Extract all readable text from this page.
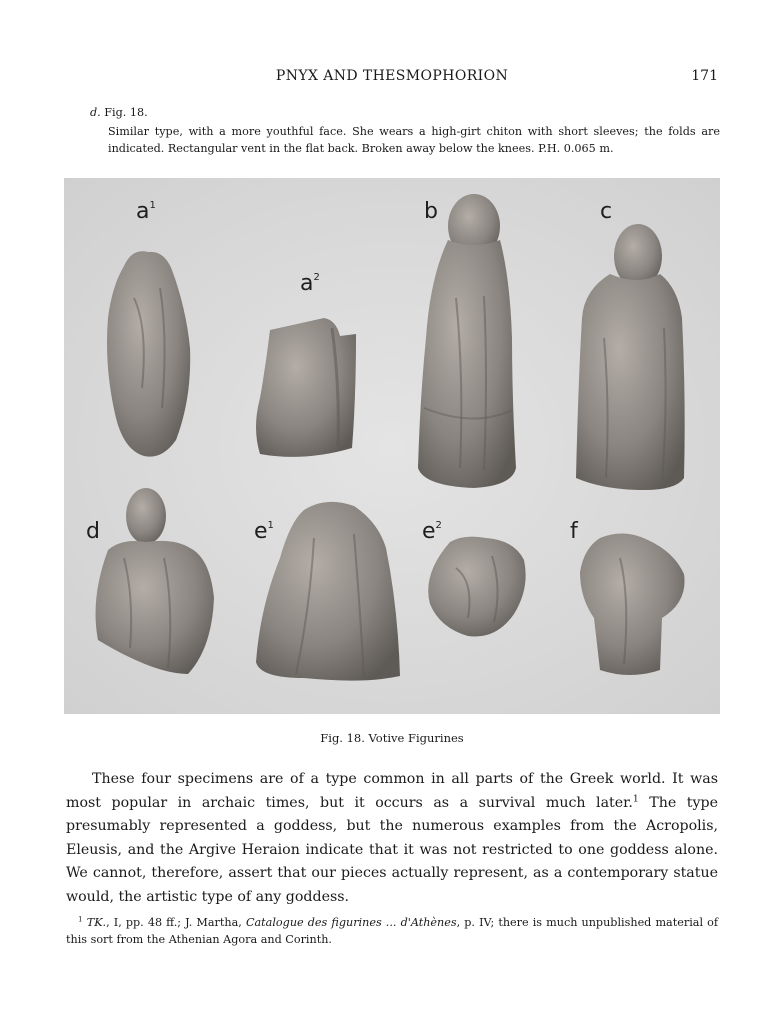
PNYX AND THESMOPHORION	171
d. Fig. 18.
Similar type, with a more youthful face. She wears a high-girt chiton with short sleeves; the folds are indicated. Rectangular vent in the flat back. Broken away below the knees. P.H. 0.065 m.
$a^1$
$a^2$
b	c
d	$e^1$	$e^2$	f
Fig. 18. Votive Figurines

These four specimens are of a type common in all parts of the Greek world. It was most popular in archaic times, but it occurs as a survival much later.$^1$ The type presumably represented a goddess, but the numerous examples from the Acropolis, Eleusis, and the Argive Heraion indicate that it was not restricted to one goddess alone. We cannot, therefore, assert that our pieces actually represent, as a contemporary statue would, the artistic type of any goddess.

$^1$ TK., I, pp. 48 ff.; J. Martha, Catalogue des figurines ... d'Athènes, p. IV; there is much unpublished material of this sort from the Athenian Agora and Corinth.
